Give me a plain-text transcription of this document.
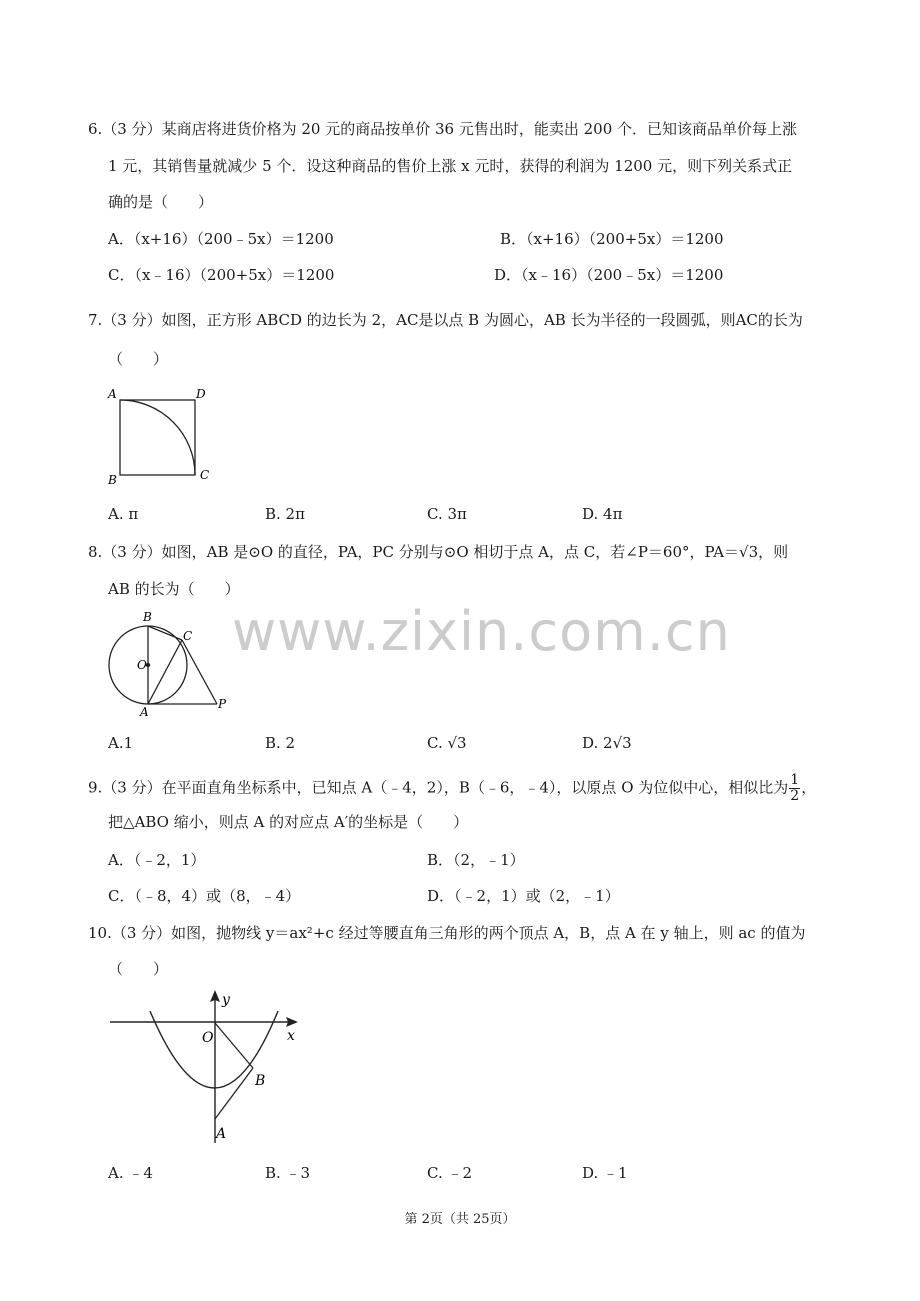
www.zixin.com.cn
6.（3 分）某商店将进货价格为 20 元的商品按单价 36 元售出时，能卖出 200 个．已知该商品单价每上涨
1 元，其销售量就减少 5 个．设这种商品的售价上涨 x 元时，获得的利润为 1200 元，则下列关系式正
确的是（　　）
A．（x+16）（200﹣5x）＝1200	B．（x+16）（200+5x）＝1200
C．（x﹣16）（200+5x）＝1200	D．（x﹣16）（200﹣5x）＝1200
7.（3 分）如图，正方形 ABCD 的边长为 2，AC是以点 B 为圆心，AB 长为半径的一段圆弧，则AC的长为
（　　）
A	D
B	C
A. π	B. 2π	C. 3π	D. 4π
8.（3 分）如图，AB 是⊙O 的直径，PA，PC 分别与⊙O 相切于点 A，点 C，若∠P＝60°，PA＝√3，则
AB 的长为（　　）
B
C
O
A
P
A.1	B. 2	C. √3	D. 2√3
9.（3 分）在平面直角坐标系中，已知点 A（﹣4，2），B（﹣6，﹣4），以原点 O 为位似中心，相似比为 $\frac{1}{2}$ ，
把△ABO 缩小，则点 A 的对应点 A′的坐标是（　　）
A．（﹣2，1）	B．（2，﹣1）
C．（﹣8，4）或（8，﹣4）	D．（﹣2，1）或（2，﹣1）
10.（3 分）如图，抛物线 y＝ax²+c 经过等腰直角三角形的两个顶点 A，B，点 A 在 y 轴上，则 ac 的值为
（　　）
y
x
O
B
A
A. ﹣4	B. ﹣3	C. ﹣2	D. ﹣1
第 2页（共 25页）
